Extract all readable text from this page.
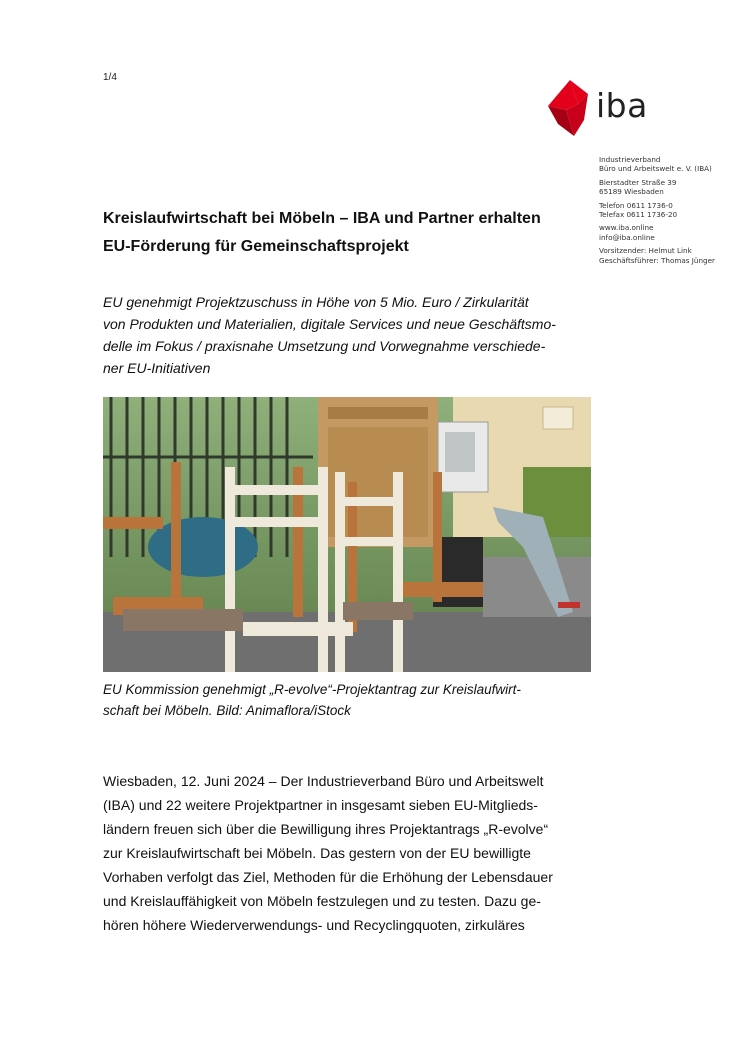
1/4
iba
Industrieverband
Büro und Arbeitswelt e. V. (IBA)
Bierstadter Straße 39
65189 Wiesbaden
Telefon 0611 1736-0
Telefax 0611 1736-20
www.iba.online
info@iba.online
Vorsitzender: Helmut Link
Geschäftsführer: Thomas Jünger
Kreislaufwirtschaft bei Möbeln – IBA und Partner erhalten
EU-Förderung für Gemeinschaftsprojekt
EU genehmigt Projektzuschuss in Höhe von 5 Mio. Euro / Zirkularität
von Produkten und Materialien, digitale Services und neue Geschäftsmo-
delle im Fokus / praxisnahe Umsetzung und Vorwegnahme verschiede-
ner EU-Initiativen
EU Kommission genehmigt „R-evolve“-Projektantrag zur Kreislaufwirt-
schaft bei Möbeln. Bild: Animaflora/iStock
Wiesbaden, 12. Juni 2024 – Der Industrieverband Büro und Arbeitswelt
(IBA) und 22 weitere Projektpartner in insgesamt sieben EU-Mitglieds-
ländern freuen sich über die Bewilligung ihres Projektantrags „R-evolve“
zur Kreislaufwirtschaft bei Möbeln. Das gestern von der EU bewilligte
Vorhaben verfolgt das Ziel, Methoden für die Erhöhung der Lebensdauer
und Kreislauffähigkeit von Möbeln festzulegen und zu testen. Dazu ge-
hören höhere Wiederverwendungs- und Recyclingquoten, zirkuläres
